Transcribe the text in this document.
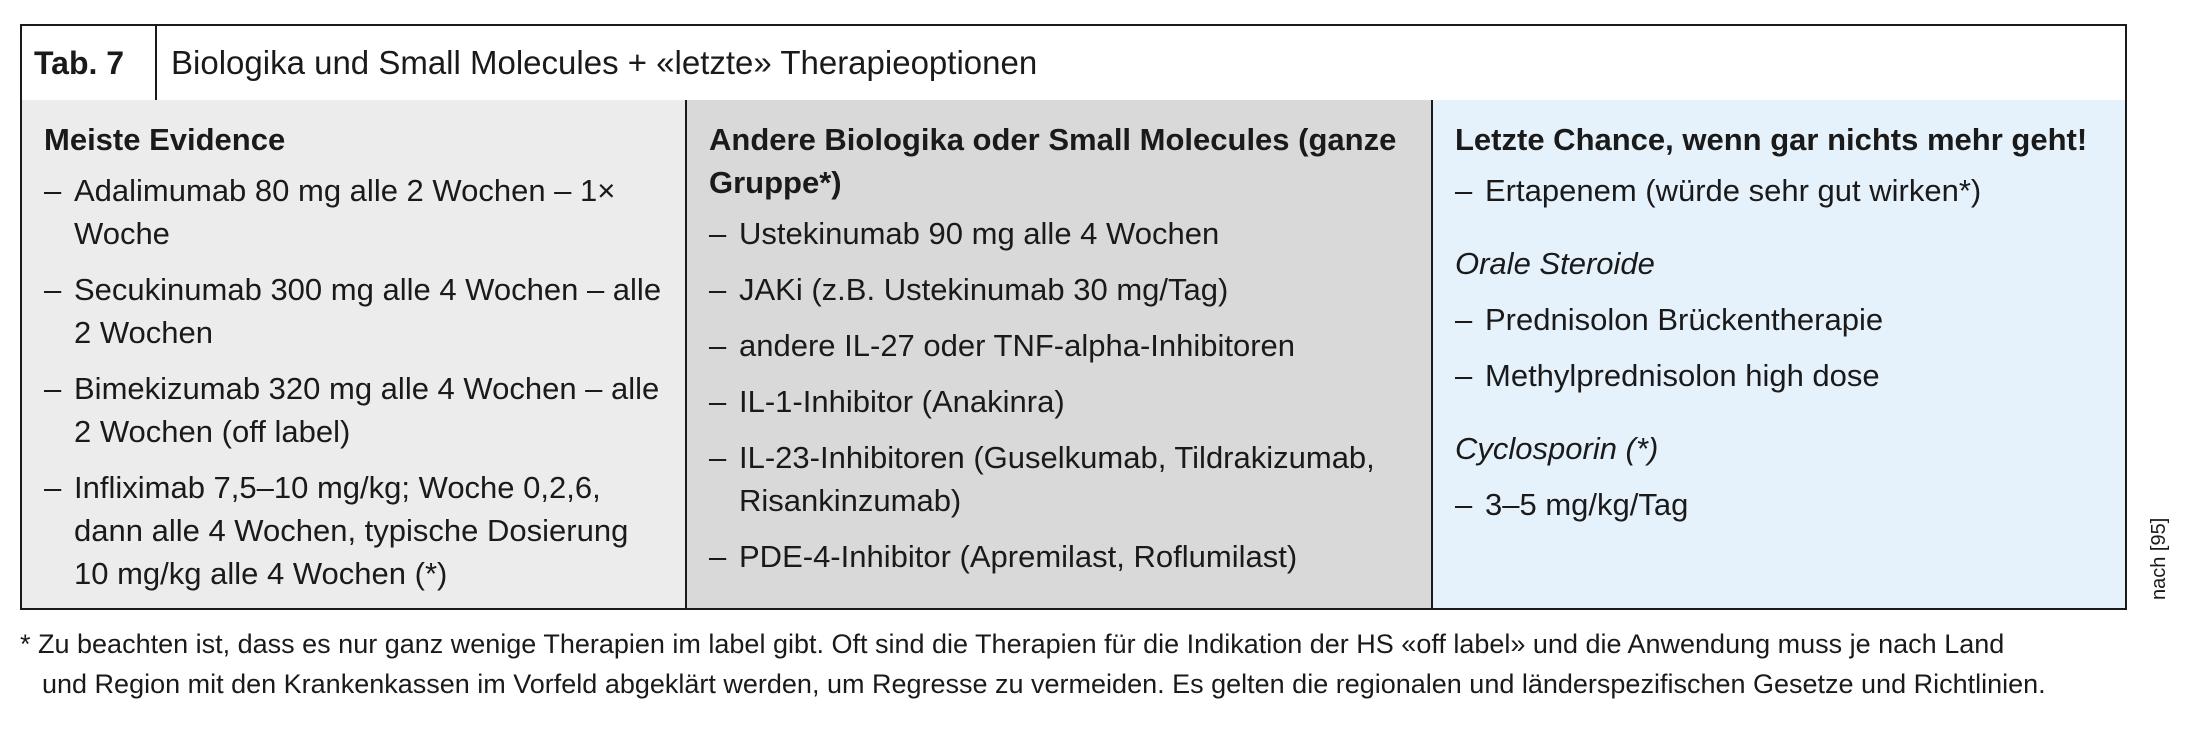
Tab. 7	Biologika und Small Molecules + «letzte» Therapieoptionen
Meiste Evidence
– Adalimumab 80 mg alle 2 Wochen – 1× Woche
– Secukinumab 300 mg alle 4 Wochen – alle 2 Wochen
– Bimekizumab 320 mg alle 4 Wochen – alle 2 Wochen (off label)
– Infliximab 7,5–10 mg/kg; Woche 0,2,6, dann alle 4 Wochen, typische Dosierung 10 mg/kg alle 4 Wochen (*)
Andere Biologika oder Small Molecules (ganze Gruppe*)
– Ustekinumab 90 mg alle 4 Wochen
– JAKi (z.B. Ustekinumab 30 mg/Tag)
– andere IL-27 oder TNF-alpha-Inhibitoren
– IL-1-Inhibitor (Anakinra)
– IL-23-Inhibitoren (Guselkumab, Tildrakizumab, Risankinzumab)
– PDE-4-Inhibitor (Apremilast, Roflumilast)
Letzte Chance, wenn gar nichts mehr geht!
– Ertapenem (würde sehr gut wirken*)
Orale Steroide
– Prednisolon Brückentherapie
– Methylprednisolon high dose
Cyclosporin (*)
– 3–5 mg/kg/Tag
nach [95]
* Zu beachten ist, dass es nur ganz wenige Therapien im label gibt. Oft sind die Therapien für die Indikation der HS «off label» und die Anwendung muss je nach Land
und Region mit den Krankenkassen im Vorfeld abgeklärt werden, um Regresse zu vermeiden. Es gelten die regionalen und länderspezifischen Gesetze und Richtlinien.
